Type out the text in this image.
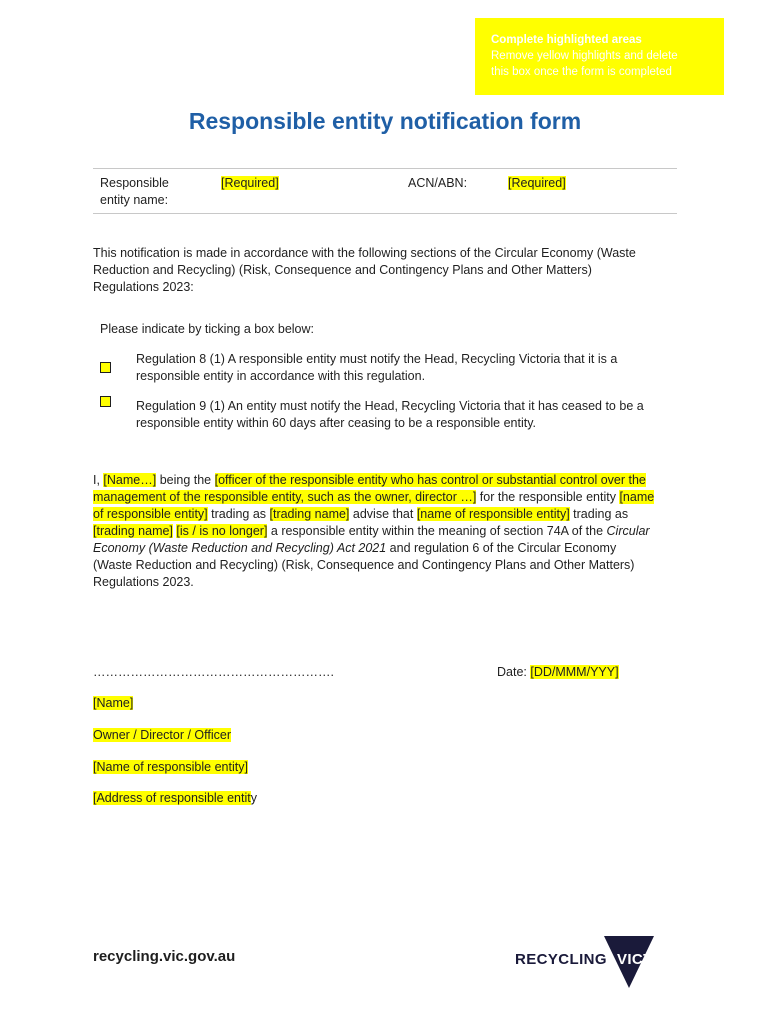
Complete highlighted areas
Remove yellow highlights and delete
this box once the form is completed
Responsible entity notification form
Responsible
entity name:
[Required]	ACN/ABN:	[Required]
This notification is made in accordance with the following sections of the Circular Economy (Waste
Reduction and Recycling) (Risk, Consequence and Contingency Plans and Other Matters)
Regulations 2023:
Please indicate by ticking a box below:
Regulation 8 (1) A responsible entity must notify the Head, Recycling Victoria that it is a
responsible entity in accordance with this regulation.
Regulation 9 (1) An entity must notify the Head, Recycling Victoria that it has ceased to be a
responsible entity within 60 days after ceasing to be a responsible entity.
I, [Name…] being the [officer of the responsible entity who has control or substantial control over the
management of the responsible entity, such as the owner, director …] for the responsible entity [name
of responsible entity] trading as [trading name] advise that [name of responsible entity] trading as
[trading name] [is / is no longer] a responsible entity within the meaning of section 74A of the Circular
Economy (Waste Reduction and Recycling) Act 2021 and regulation 6 of the Circular Economy
(Waste Reduction and Recycling) (Risk, Consequence and Contingency Plans and Other Matters)
Regulations 2023.
………………………………………………….	Date: [DD/MMM/YYY]
[Name]
Owner / Director / Officer
[Name of responsible entity]
[Address of responsible entity
recycling.vic.gov.au	RECYCLING VICTORIA
